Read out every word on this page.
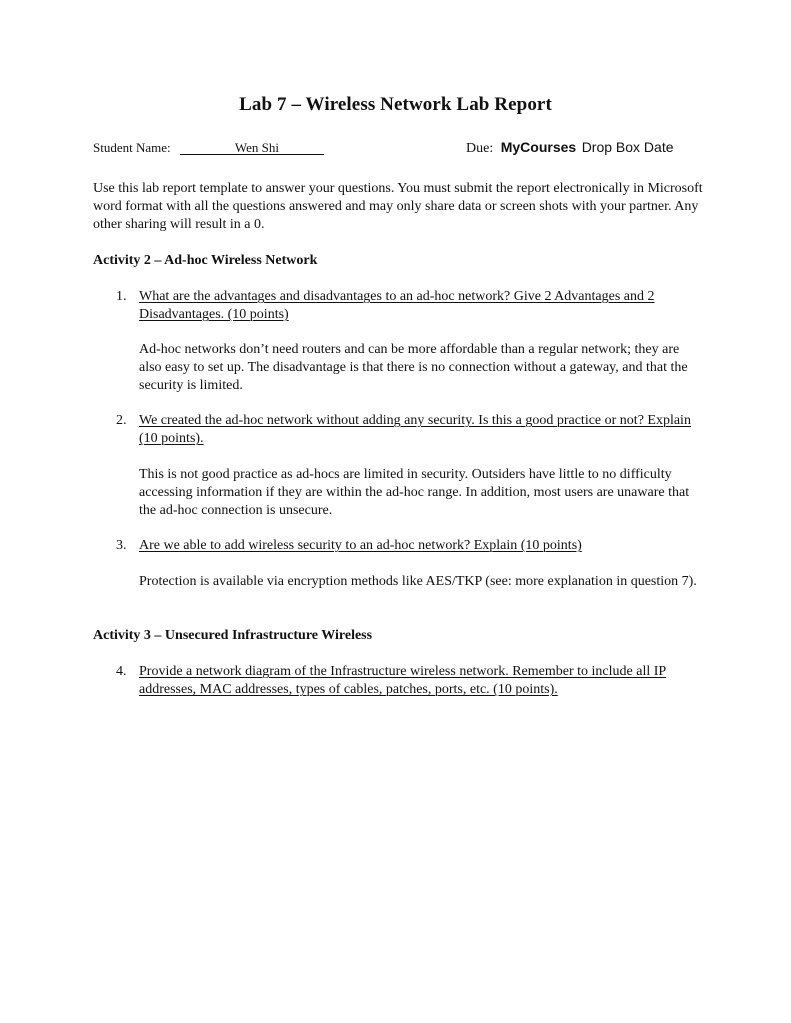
Lab 7 – Wireless Network Lab Report
Student Name:	Wen Shi	Due: MyCourses Drop Box Date
Use this lab report template to answer your questions. You must submit the report electronically in Microsoft word format with all the questions answered and may only share data or screen shots with your partner. Any other sharing will result in a 0.
Activity 2 – Ad-hoc Wireless Network
1. What are the advantages and disadvantages to an ad-hoc network? Give 2 Advantages and 2 Disadvantages. (10 points)
Ad-hoc networks don’t need routers and can be more affordable than a regular network; they are also easy to set up. The disadvantage is that there is no connection without a gateway, and that the security is limited.
2. We created the ad-hoc network without adding any security. Is this a good practice or not? Explain (10 points).
This is not good practice as ad-hocs are limited in security. Outsiders have little to no difficulty accessing information if they are within the ad-hoc range. In addition, most users are unaware that the ad-hoc connection is unsecure.
3. Are we able to add wireless security to an ad-hoc network? Explain (10 points)
Protection is available via encryption methods like AES/TKP (see: more explanation in question 7).
Activity 3 – Unsecured Infrastructure Wireless
4. Provide a network diagram of the Infrastructure wireless network. Remember to include all IP addresses, MAC addresses, types of cables, patches, ports, etc. (10 points).
